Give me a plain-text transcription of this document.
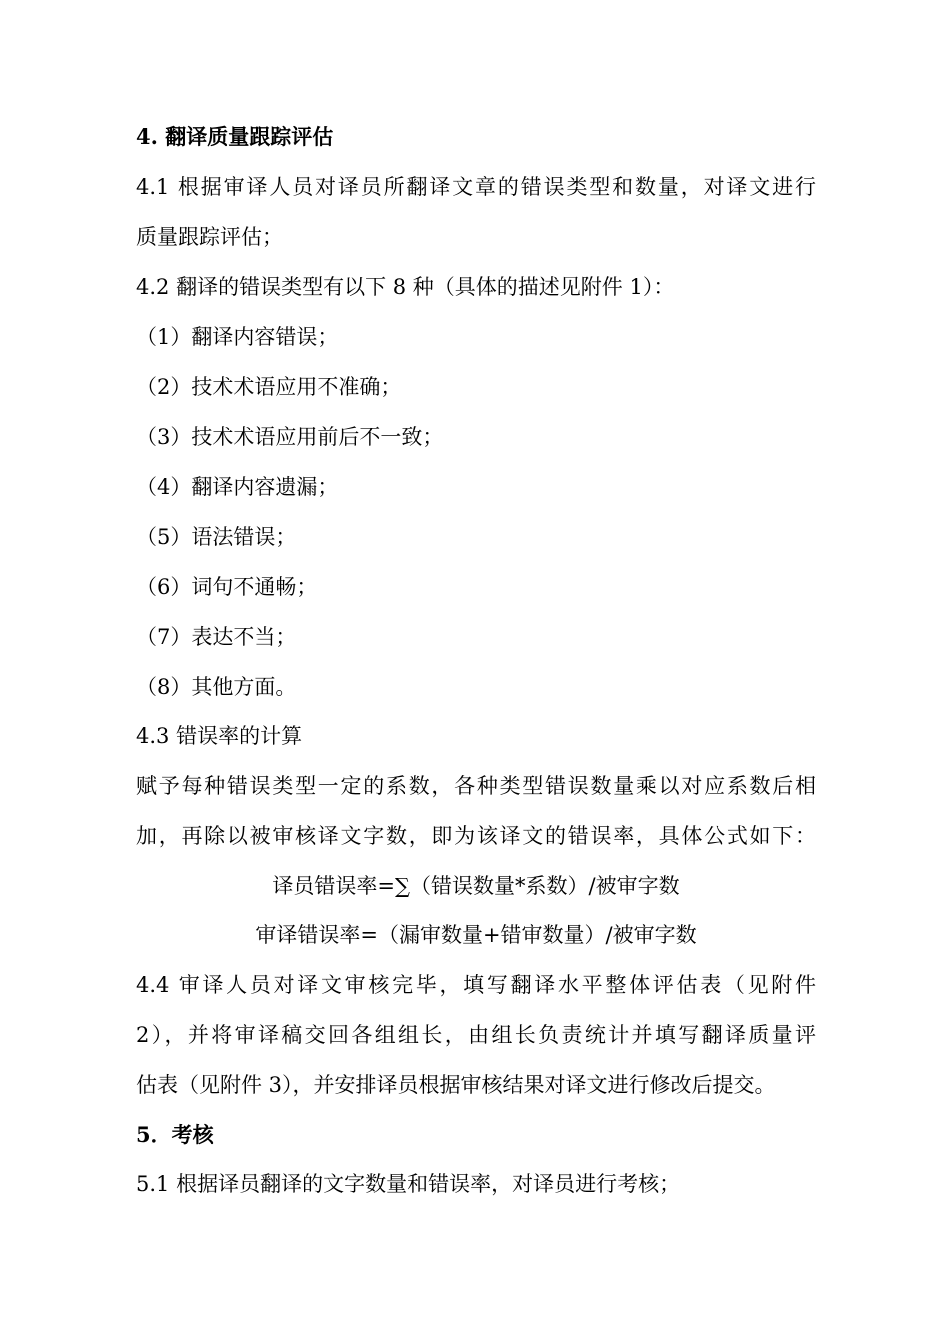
4. 翻译质量跟踪评估
4.1 根据审译人员对译员所翻译文章的错误类型和数量，对译文进行
质量跟踪评估；
4.2 翻译的错误类型有以下 8 种（具体的描述见附件 1）：
（1）翻译内容错误；
（2）技术术语应用不准确；
（3）技术术语应用前后不一致；
（4）翻译内容遗漏；
（5）语法错误；
（6）词句不通畅；
（7）表达不当；
（8）其他方面。
4.3 错误率的计算
赋予每种错误类型一定的系数，各种类型错误数量乘以对应系数后相
加，再除以被审核译文字数，即为该译文的错误率，具体公式如下：
译员错误率=∑（错误数量*系数）/被审字数
审译错误率=（漏审数量+错审数量）/被审字数
4.4 审译人员对译文审核完毕，填写翻译水平整体评估表（见附件
2），并将审译稿交回各组组长，由组长负责统计并填写翻译质量评
估表（见附件 3），并安排译员根据审核结果对译文进行修改后提交。
5．考核
5.1 根据译员翻译的文字数量和错误率，对译员进行考核；
